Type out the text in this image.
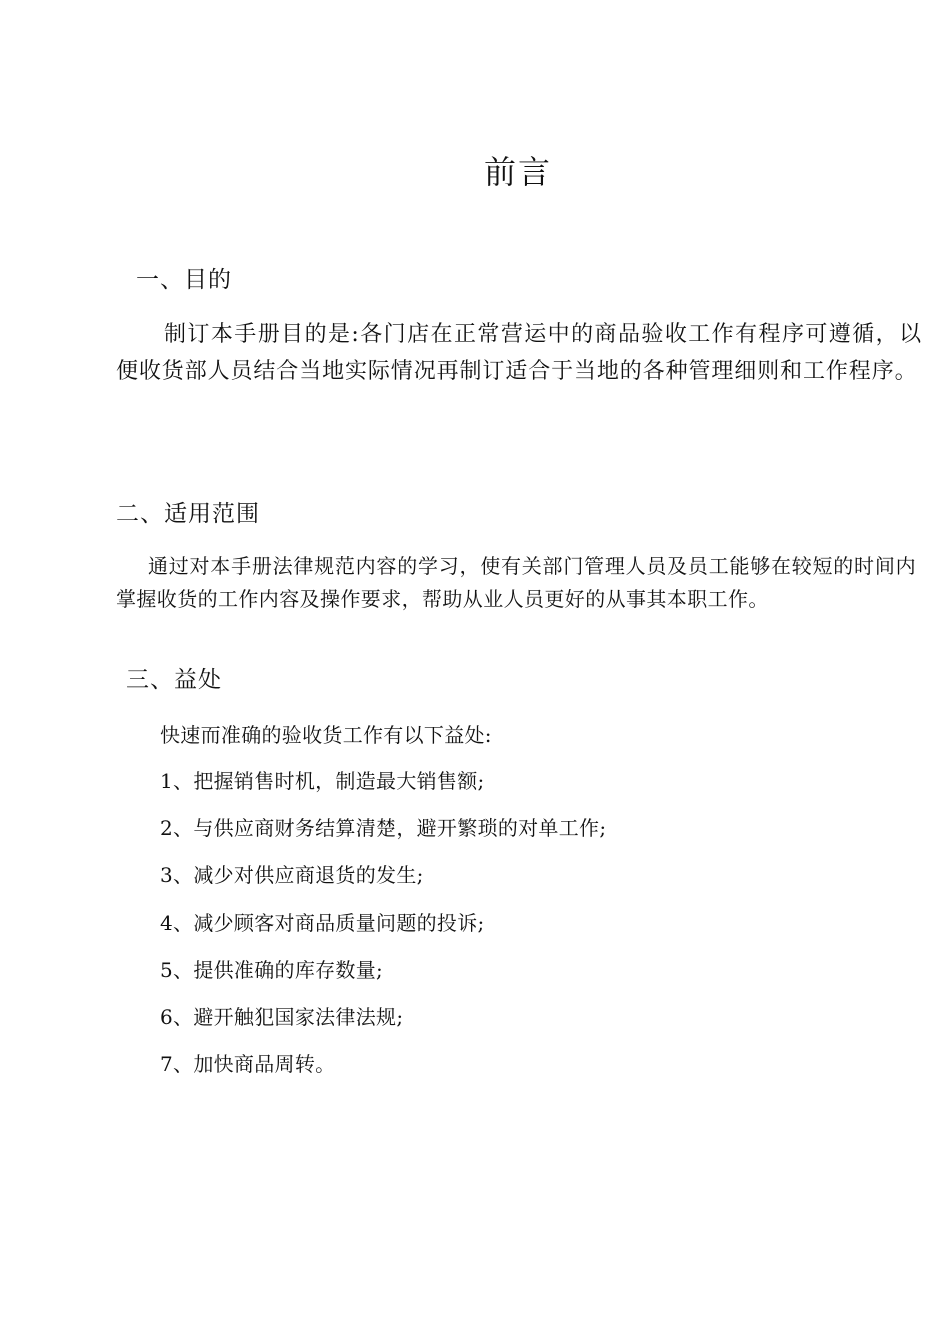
前言
一、目的

制订本手册目的是:各门店在正常营运中的商品验收工作有程序可遵循，以便收货部人员结合当地实际情况再制订适合于当地的各种管理细则和工作程序。

二、适用范围

通过对本手册法律规范内容的学习，使有关部门管理人员及员工能够在较短的时间内掌握收货的工作内容及操作要求，帮助从业人员更好的从事其本职工作。

三、益处
快速而准确的验收货工作有以下益处:
1、把握销售时机，制造最大销售额;
2、与供应商财务结算清楚，避开繁琐的对单工作;
3、减少对供应商退货的发生;
4、减少顾客对商品质量问题的投诉;
5、提供准确的库存数量;
6、避开触犯国家法律法规;
7、加快商品周转。
